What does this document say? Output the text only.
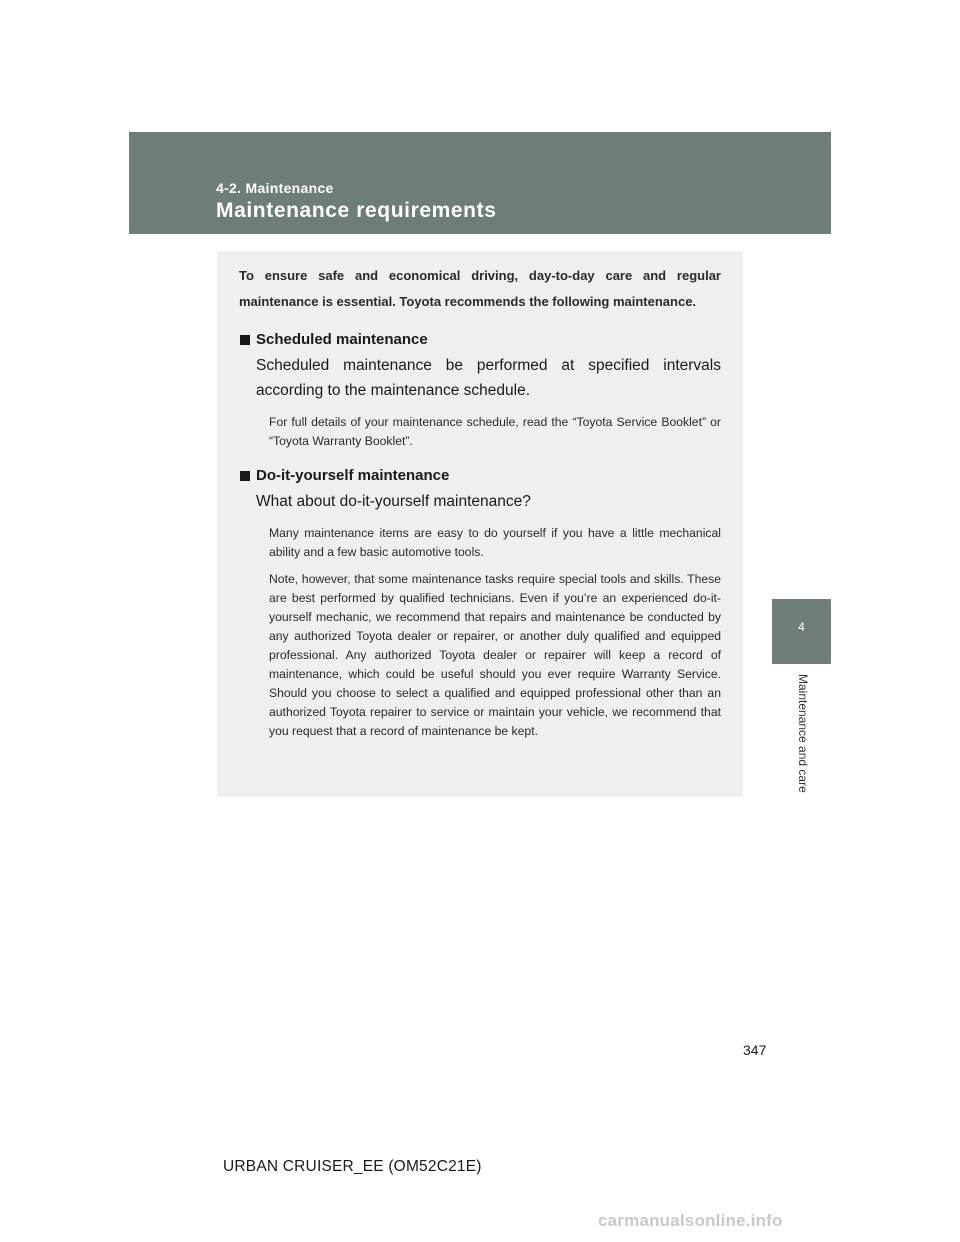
4-2. Maintenance
Maintenance requirements
4
Maintenance and care

To ensure safe and economical driving, day-to-day care and regular maintenance is essential. Toyota recommends the following maintenance.

Scheduled maintenance

Scheduled maintenance be performed at specified intervals according to the maintenance schedule.

For full details of your maintenance schedule, read the “Toyota Service Booklet” or “Toyota Warranty Booklet”.

Do-it-yourself maintenance

What about do-it-yourself maintenance?

Many maintenance items are easy to do yourself if you have a little mechanical ability and a few basic automotive tools.

Note, however, that some maintenance tasks require special tools and skills. These are best performed by qualified technicians. Even if you’re an experienced do-it-yourself mechanic, we recommend that repairs and maintenance be conducted by any authorized Toyota dealer or repairer, or another duly qualified and equipped professional. Any authorized Toyota dealer or repairer will keep a record of maintenance, which could be useful should you ever require Warranty Service. Should you choose to select a qualified and equipped professional other than an authorized Toyota repairer to service or maintain your vehicle, we recommend that you request that a record of maintenance be kept.

347
URBAN CRUISER_EE (OM52C21E)
carmanualsonline.info
